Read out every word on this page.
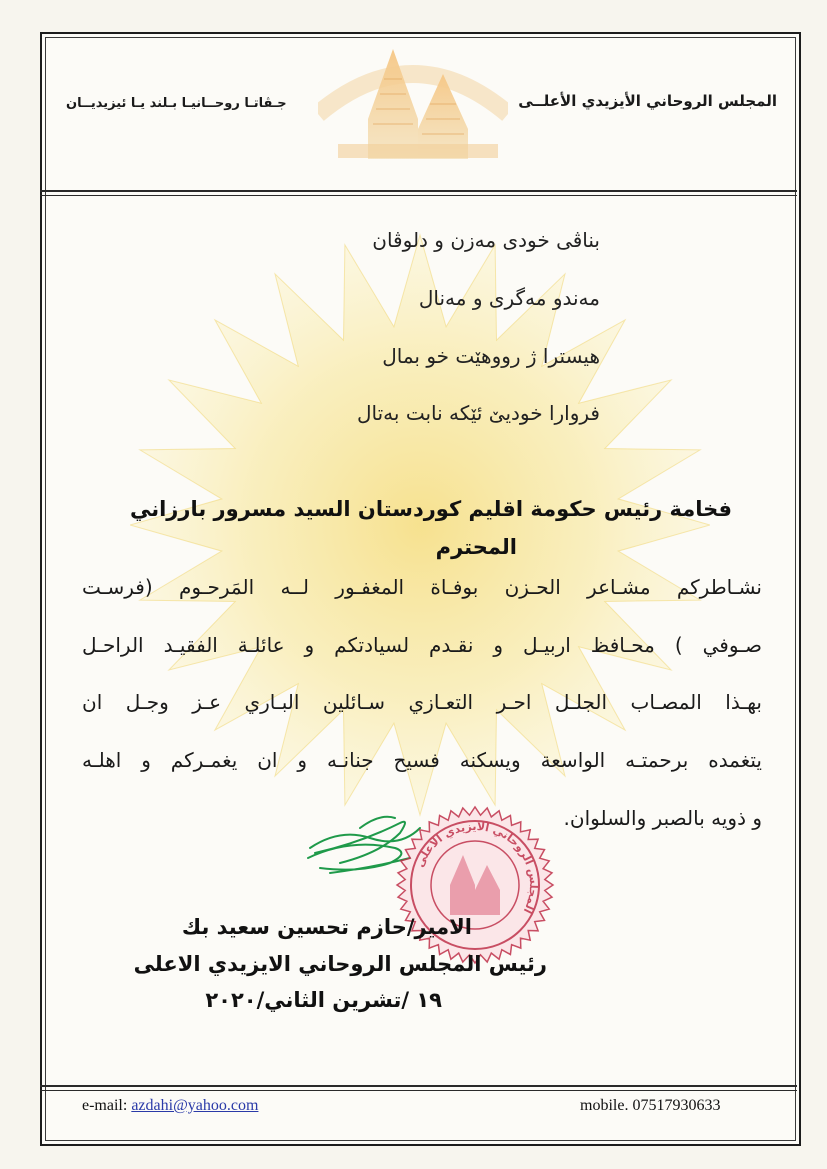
المجلس الروحاني الأيزيدي الأعلــى
جـڤاتـا روحــانيـا بـلند يـا ئيزيديــان
بناڤی خودی مەزن و دلوڤان
مەندو مەگری و مەنال
هیسترا ژ رووهێت خو بمال
فروارا خودیێ ئێکە نابت بەتال
فخامة رئيس حكومة اقليم كوردستان السيد مسرور بارزاني
المحترم
نشـاطركم مشـاعر الحـزن بوفـاة المغفـور لــه المَرحـوم (فرسـت
صـوفي ) محـافظ اربيـل و نقـدم لسيادتكم و عائلـة الفقيـد الراحـل
بهـذا المصـاب الجلـل احـر التعـازي سـائلين البـاري عـز وجـل ان
يتغمده برحمتـه الواسعة ويسكنه فسيح جنانـه و ان يغمـركم و اهلـه
و ذويه بالصبر والسلوان.
المجلس الروحاني الايزيدي الاعلى
الامير/حازم تحسين سعيد بك
رئيس المجلس الروحاني الايزيدي الاعلى
١٩ /تشرين الثاني/٢٠٢٠
e-mail: azdahi@yahoo.com	mobile. 07517930633
